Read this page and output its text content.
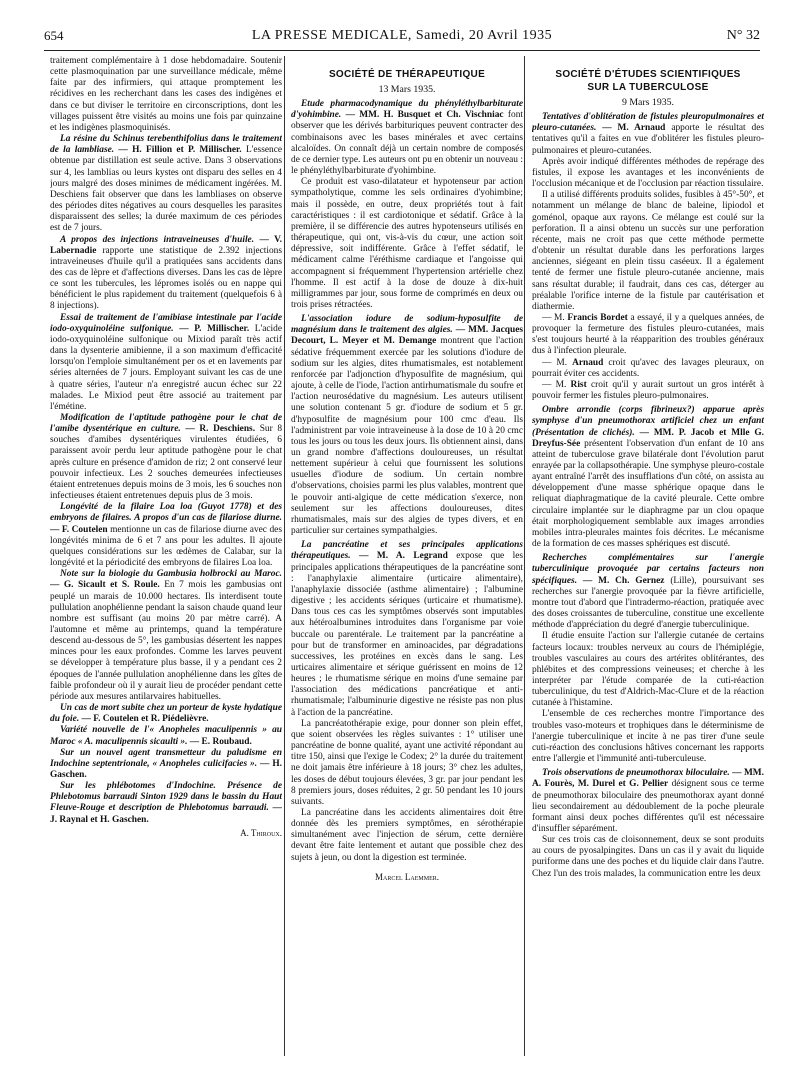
654	LA PRESSE MEDICALE, Samedi, 20 Avril 1935	N° 32

traitement complémentaire à 1 dose hebdomadaire. Soutenir cette plasmoquination par une surveillance médicale, même faite par des infirmiers, qui attaque promptement les récidives en les recherchant dans les cases des indigènes et dans ce but diviser le territoire en circonscriptions, dont les villages puissent être visités au moins une fois par quinzaine et les indigènes plasmoquinisés.

La résine du Schinus terebenthifolius dans le traitement de la lambliase. — H. Fillion et P. Millischer. L'essence obtenue par distillation est seule active. Dans 3 observations sur 4, les lamblias ou leurs kystes ont disparu des selles en 4 jours malgré des doses minimes de médicament ingérées. M. Deschiens fait observer que dans les lambliases on observe des périodes dites négatives au cours desquelles les parasites disparaissent des selles; la durée maximum de ces périodes est de 7 jours.

A propos des injections intraveineuses d'huile. — V. Labernadie rapporte une statistique de 2.392 injections intraveineuses d'huile qu'il a pratiquées sans accidents dans des cas de lèpre et d'affections diverses. Dans les cas de lèpre ce sont les tubercules, les lépromes isolés ou en nappe qui bénéficient le plus rapidement du traitement (quelquefois 6 à 8 injections).

Essai de traitement de l'amibiase intestinale par l'acide iodo-oxyquinoléine sulfonique. — P. Millischer. L'acide iodo-oxyquinoléine sulfonique ou Mixiod paraît très actif dans la dysenterie amibienne, il a son maximum d'efficacité lorsqu'on l'emploie simultanément per os et en lavements par séries alternées de 7 jours. Employant suivant les cas de une à quatre séries, l'auteur n'a enregistré aucun échec sur 22 malades. Le Mixiod peut être associé au traitement par l'émétine.

Modification de l'aptitude pathogène pour le chat de l'amibe dysentérique en culture. — R. Deschiens. Sur 8 souches d'amibes dysentériques virulentes étudiées, 6 paraissent avoir perdu leur aptitude pathogène pour le chat après culture en présence d'amidon de riz; 2 ont conservé leur pouvoir infectieux. Les 2 souches demeurées infectieuses étaient entretenues depuis moins de 3 mois, les 6 souches non infectieuses étaient entretenues depuis plus de 3 mois.

Longévité de la filaire Loa loa (Guyot 1778) et des embryons de filaires. A propos d'un cas de filariose diurne. — F. Coutelen mentionne un cas de filariose diurne avec des longévités minima de 6 et 7 ans pour les adultes. Il ajoute quelques considérations sur les œdèmes de Calabar, sur la longévité et la périodicité des embryons de filaires Loa loa.

Note sur la biologie du Gambusia holbrocki au Maroc. — G. Sicault et S. Roule. En 7 mois les gambusias ont peuplé un marais de 10.000 hectares. Ils interdisent toute pullulation anophélienne pendant la saison chaude quand leur nombre est suffisant (au moins 20 par mètre carré). A l'automne et même au printemps, quand la température descend au-dessous de 5°, les gambusias désertent les nappes minces pour les eaux profondes. Comme les larves peuvent se développer à température plus basse, il y a pendant ces 2 époques de l'année pullulation anophélienne dans les gîtes de faible profondeur où il y aurait lieu de procéder pendant cette période aux mesures antilarvaires habituelles.

Un cas de mort subite chez un porteur de kyste hydatique du foie. — F. Coutelen et R. Piédelièvre.

Variété nouvelle de l'« Anopheles maculipennis » au Maroc « A. maculipennis sicaulti ». — E. Roubaud.

Sur un nouvel agent transmetteur du paludisme en Indochine septentrionale, « Anopheles culicifacies ». — H. Gaschen.

Sur les phlébotomes d'Indochine. Présence de Phlebotomus barraudi Sinton 1929 dans le bassin du Haut Fleuve-Rouge et description de Phlebotomus barraudi. — J. Raynal et H. Gaschen.

A. Thiroux.
SOCIÉTÉ DE THÉRAPEUTIQUE
13 Mars 1935.

Etude pharmacodynamique du phényléthylbarbiturate d'yohimbine. — MM. H. Busquet et Ch. Vischniac font observer que les dérivés barbituriques peuvent contracter des combinaisons avec les bases minérales et avec certains alcaloïdes. On connaît déjà un certain nombre de composés de ce dernier type. Les auteurs ont pu en obtenir un nouveau : le phényléthylbarbiturate d'yohimbine.

Ce produit est vaso-dilatateur et hypotenseur par action sympatholytique, comme les sels ordinaires d'yohimbine; mais il possède, en outre, deux propriétés tout à fait caractéristiques : il est cardiotonique et sédatif. Grâce à la première, il se différencie des autres hypotenseurs utilisés en thérapeutique, qui ont, vis-à-vis du cœur, une action soit dépressive, soit indifférente. Grâce à l'effet sédatif, le médicament calme l'éréthisme cardiaque et l'angoisse qui accompagnent si fréquemment l'hypertension artérielle chez l'homme. Il est actif à la dose de douze à dix-huit milligrammes par jour, sous forme de comprimés en deux ou trois prises rétractées.

L'association iodure de sodium-hyposulfite de magnésium dans le traitement des algies. — MM. Jacques Decourt, L. Meyer et M. Demange montrent que l'action sédative fréquemment exercée par les solutions d'iodure de sodium sur les algies, dites rhumatismales, est notablement renforcée par l'adjonction d'hyposulfite de magnésium, qui ajoute, à celle de l'iode, l'action antirhumatismale du soufre et l'action neurosédative du magnésium. Les auteurs utilisent une solution contenant 5 gr. d'iodure de sodium et 5 gr. d'hyposulfite de magnésium pour 100 cmc d'eau. Ils l'administrent par voie intraveineuse à la dose de 10 à 20 cmc tous les jours ou tous les deux jours. Ils obtiennent ainsi, dans un grand nombre d'affections douloureuses, un résultat nettement supérieur à celui que fournissent les solutions usuelles d'iodure de sodium. Un certain nombre d'observations, choisies parmi les plus valables, montrent que le pouvoir anti-algique de cette médication s'exerce, non seulement sur les affections douloureuses, dites rhumatismales, mais sur des algies de types divers, et en particulier sur certaines sympathalgies.

La pancréatine et ses principales applications thérapeutiques. — M. A. Legrand expose que les principales applications thérapeutiques de la pancréatine sont : l'anaphylaxie alimentaire (urticaire alimentaire), l'anaphylaxie dissociée (asthme alimentaire) ; l'albumine digestive ; les accidents sériques (urticaire et rhumatisme). Dans tous ces cas les symptômes observés sont imputables aux hétéroalbumines introduites dans l'organisme par voie buccale ou parentérale. Le traitement par la pancréatine a pour but de transformer en aminoacides, par dégradations successives, les protéines en excès dans le sang. Les urticaires alimentaire et sérique guérissent en moins de 12 heures ; le rhumatisme sérique en moins d'une semaine par l'association des médications pancréatique et anti-rhumatismale; l'albuminurie digestive ne résiste pas non plus à l'action de la pancréatine.

La pancréatothérapie exige, pour donner son plein effet, que soient observées les règles suivantes : 1° utiliser une pancréatine de bonne qualité, ayant une activité répondant au titre 150, ainsi que l'exige le Codex; 2° la durée du traitement ne doit jamais être inférieure à 18 jours; 3° chez les adultes, les doses de début toujours élevées, 3 gr. par jour pendant les 8 premiers jours, doses réduites, 2 gr. 50 pendant les 10 jours suivants.

La pancréatine dans les accidents alimentaires doit être donnée dès les premiers symptômes, en sérothérapie simultanément avec l'injection de sérum, cette dernière devant être faite lentement et autant que possible chez des sujets à jeun, ou dont la digestion est terminée.

Marcel Laemmer.
SOCIÉTÉ D'ÉTUDES SCIENTIFIQUES
SUR LA TUBERCULOSE
9 Mars 1935.

Tentatives d'oblitération de fistules pleuropulmonaires et pleuro-cutanées. — M. Arnaud apporte le résultat des tentatives qu'il a faites en vue d'oblitérer les fistules pleuro-pulmonaires et pleuro-cutanées.

Après avoir indiqué différentes méthodes de repérage des fistules, il expose les avantages et les inconvénients de l'occlusion mécanique et de l'occlusion par réaction tissulaire.

Il a utilisé différents produits solides, fusibles à 45°-50°, et notamment un mélange de blanc de baleine, lipiodol et goménol, opaque aux rayons. Ce mélange est coulé sur la perforation. Il a ainsi obtenu un succès sur une perforation récente, mais ne croit pas que cette méthode permette d'obtenir un résultat durable dans les perforations larges anciennes, siégeant en plein tissu caséeux. Il a également tenté de fermer une fistule pleuro-cutanée ancienne, mais sans résultat durable; il faudrait, dans ces cas, déterger au préalable l'orifice interne de la fistule par cautérisation et diathermie.

— M. Francis Bordet a essayé, il y a quelques années, de provoquer la fermeture des fistules pleuro-cutanées, mais s'est toujours heurté à la réapparition des troubles généraux dus à l'infection pleurale.

— M. Arnaud croit qu'avec des lavages pleuraux, on pourrait éviter ces accidents.

— M. Rist croit qu'il y aurait surtout un gros intérêt à pouvoir fermer les fistules pleuro-pulmonaires.

Ombre arrondie (corps fibrineux?) apparue après symphyse d'un pneumothorax artificiel chez un enfant (Présentation de clichés). — MM. P. Jacob et Mlle G. Dreyfus-Sée présentent l'observation d'un enfant de 10 ans atteint de tuberculose grave bilatérale dont l'évolution parut enrayée par la collapsothérapie. Une symphyse pleuro-costale ayant entraîné l'arrêt des insufflations d'un côté, on assista au développement d'une masse sphérique opaque dans le reliquat diaphragmatique de la cavité pleurale. Cette ombre circulaire implantée sur le diaphragme par un clou opaque était morphologiquement semblable aux images arrondies mobiles intra-pleurales maintes fois décrites. Le mécanisme de la formation de ces masses sphériques est discuté.

Recherches complémentaires sur l'anergie tuberculinique provoquée par certains facteurs non spécifiques. — M. Ch. Gernez (Lille), poursuivant ses recherches sur l'anergie provoquée par la fièvre artificielle, montre tout d'abord que l'intradermo-réaction, pratiquée avec des doses croissantes de tuberculine, constitue une excellente méthode d'appréciation du degré d'anergie tuberculinique.

Il étudie ensuite l'action sur l'allergie cutanée de certains facteurs locaux: troubles nerveux au cours de l'hémiplégie, troubles vasculaires au cours des artérites oblitérantes, des phlébites et des compressions veineuses; et cherche à les interpréter par l'étude comparée de la cuti-réaction tuberculinique, du test d'Aldrich-Mac-Clure et de la réaction cutanée à l'histamine.

L'ensemble de ces recherches montre l'importance des troubles vaso-moteurs et trophiques dans le déterminisme de l'anergie tuberculinique et incite à ne pas tirer d'une seule cuti-réaction des conclusions hâtives concernant les rapports entre l'allergie et l'immunité anti-tuberculeuse.

Trois observations de pneumothorax biloculaire. — MM. A. Fourès, M. Durel et G. Pellier désignent sous ce terme de pneumothorax biloculaire des pneumothorax ayant donné lieu secondairement au dédoublement de la poche pleurale formant ainsi deux poches différentes qu'il est nécessaire d'insuffler séparément.

Sur ces trois cas de cloisonnement, deux se sont produits au cours de pyosalpingites. Dans un cas il y avait du liquide puriforme dans une des poches et du liquide clair dans l'autre. Chez l'un des trois malades, la communication entre les deux
